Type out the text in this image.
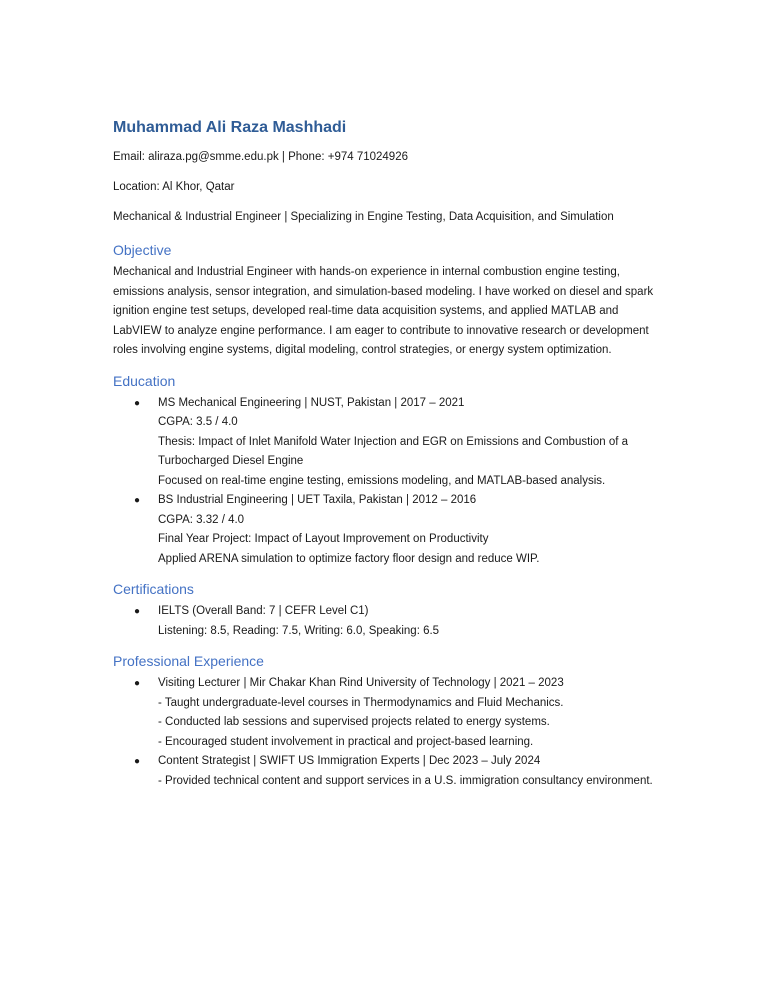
Muhammad Ali Raza Mashhadi

Email: aliraza.pg@smme.edu.pk | Phone: +974 71024926

Location: Al Khor, Qatar

Mechanical & Industrial Engineer | Specializing in Engine Testing, Data Acquisition, and Simulation

Objective

Mechanical and Industrial Engineer with hands-on experience in internal combustion engine testing, emissions analysis, sensor integration, and simulation-based modeling. I have worked on diesel and spark ignition engine test setups, developed real-time data acquisition systems, and applied MATLAB and LabVIEW to analyze engine performance. I am eager to contribute to innovative research or development roles involving engine systems, digital modeling, control strategies, or energy system optimization.

Education
● MS Mechanical Engineering | NUST, Pakistan | 2017 – 2021
CGPA: 3.5 / 4.0
Thesis: Impact of Inlet Manifold Water Injection and EGR on Emissions and Combustion of a Turbocharged Diesel Engine
Focused on real-time engine testing, emissions modeling, and MATLAB-based analysis.
● BS Industrial Engineering | UET Taxila, Pakistan | 2012 – 2016
CGPA: 3.32 / 4.0
Final Year Project: Impact of Layout Improvement on Productivity
Applied ARENA simulation to optimize factory floor design and reduce WIP.
Certifications
● IELTS (Overall Band: 7 | CEFR Level C1)
Listening: 8.5, Reading: 7.5, Writing: 6.0, Speaking: 6.5
Professional Experience
● Visiting Lecturer | Mir Chakar Khan Rind University of Technology | 2021 – 2023
- Taught undergraduate-level courses in Thermodynamics and Fluid Mechanics.
- Conducted lab sessions and supervised projects related to energy systems.
- Encouraged student involvement in practical and project-based learning.
● Content Strategist | SWIFT US Immigration Experts | Dec 2023 – July 2024
- Provided technical content and support services in a U.S. immigration consultancy environment.
